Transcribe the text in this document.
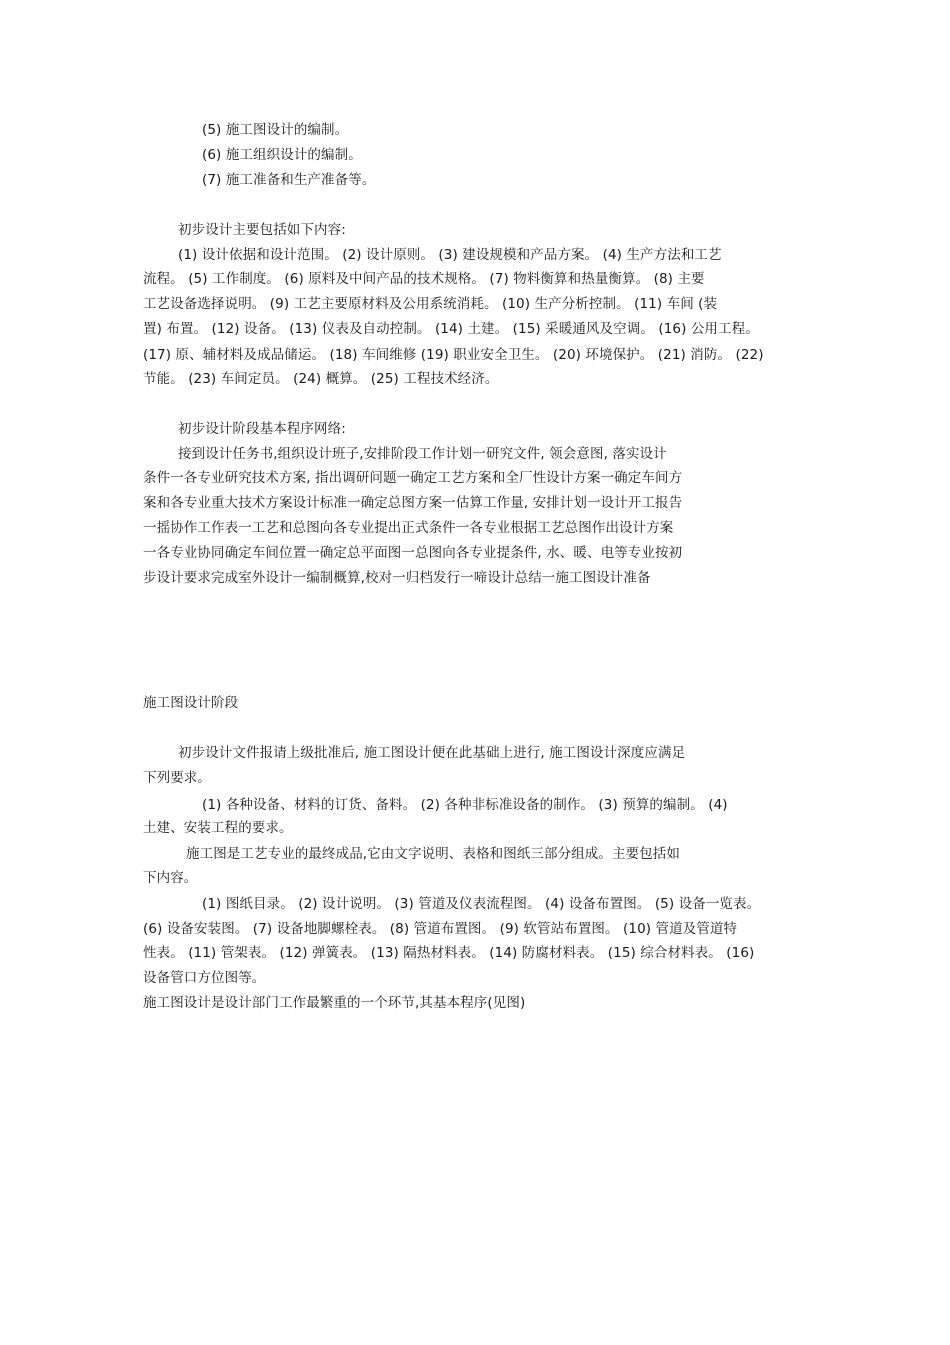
(5) 施工图设计的编制。
(6) 施工组织设计的编制。
(7) 施工准备和生产准备等。
初步设计主要包括如下内容:
(1) 设计依据和设计范围。 (2) 设计原则。 (3) 建设规模和产品方案。 (4) 生产方法和工艺
流程。 (5) 工作制度。 (6) 原料及中间产品的技术规格。 (7) 物料衡算和热量衡算。 (8) 主要
工艺设备选择说明。 (9) 工艺主要原材料及公用系统消耗。 (10) 生产分析控制。 (11) 车间 (装
置) 布置。 (12) 设备。 (13) 仪表及自动控制。 (14) 土建。 (15) 采暖通风及空调。 (16) 公用工程。
(17) 原、辅材料及成品储运。 (18) 车间维修 (19) 职业安全卫生。 (20) 环境保护。 (21) 消防。 (22)
节能。 (23) 车间定员。 (24) 概算。 (25) 工程技术经济。
初步设计阶段基本程序网络:
接到设计任务书,组织设计班子,安排阶段工作计划一研究文件, 领会意图, 落实设计
条件一各专业研究技术方案, 指出调研问题一确定工艺方案和全厂性设计方案一确定车间方
案和各专业重大技术方案设计标准一确定总图方案一估算工作量, 安排计划一设计开工报告
一摇协作工作表一工艺和总图向各专业提出正式条件一各专业根据工艺总图作出设计方案
一各专业协同确定车间位置一确定总平面图一总图向各专业提条件, 水、暖、电等专业按初
步设计要求完成室外设计一编制概算,校对一归档发行一啼设计总结一施工图设计准备
施工图设计阶段
初步设计文件报请上级批准后, 施工图设计便在此基础上进行, 施工图设计深度应满足
下列要求。
(1) 各种设备、材料的订货、备料。 (2) 各种非标准设备的制作。 (3) 预算的编制。 (4)
土建、安装工程的要求。
施工图是工艺专业的最终成品,它由文字说明、表格和图纸三部分组成。主要包括如
下内容。
(1) 图纸目录。 (2) 设计说明。 (3) 管道及仪表流程图。 (4) 设备布置图。 (5) 设备一览表。
(6) 设备安装图。 (7) 设备地脚螺栓表。 (8) 管道布置图。 (9) 软管站布置图。 (10) 管道及管道特
性表。 (11) 管架表。 (12) 弹簧表。 (13) 隔热材料表。 (14) 防腐材料表。 (15) 综合材料表。 (16)
设备管口方位图等。
施工图设计是设计部门工作最繁重的一个环节,其基本程序(见图)
